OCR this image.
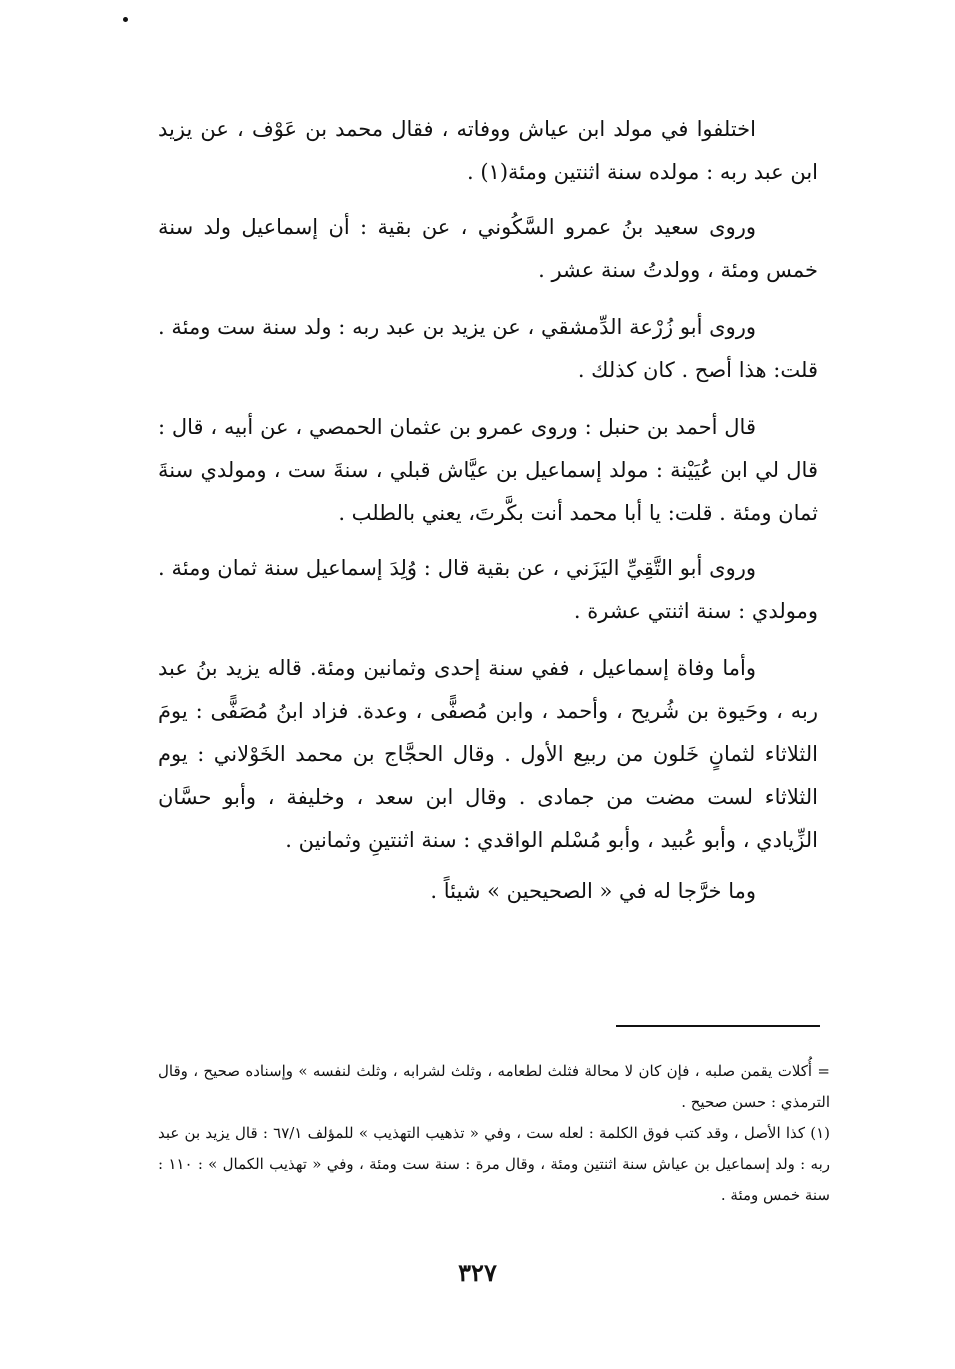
اختلفوا في مولد ابن عياش ووفاته ، فقال محمد بن عَوْف ، عن يزيد ابن عبد ربه : مولده سنة اثنتين ومئة(١) .

وروى سعيد بنُ عمرو السَّكُوني ، عن بقية : أن إسماعيل ولد سنة خمس ومئة ، وولدتُ سنة عشر .

وروى أبو زُرْعة الدِّمشقي ، عن يزيد بن عبد ربه : ولد سنة ست ومئة . قلت: هذا أصح . كان كذلك .

قال أحمد بن حنبل : وروى عمرو بن عثمان الحمصي ، عن أبيه ، قال : قال لي ابن عُيَيْنة : مولد إسماعيل بن عيَّاش قبلي ، سنةَ ست ، ومولدي سنةَ ثمان ومئة . قلت: يا أبا محمد أنت بكَّرتَ، يعني بالطلب .

وروى أبو التَّقِيِّ اليَزَني ، عن بقية قال : وُلِدَ إسماعيل سنة ثمان ومئة . ومولدي : سنة اثنتي عشرة .

وأما وفاة إسماعيل ، ففي سنة إحدى وثمانين ومئة. قاله يزيد بنُ عبد ربه ، وحَيوة بن شُريح ، وأحمد ، وابن مُصفًّى ، وعدة. فزاد ابنُ مُصَفًّى : يومَ الثلاثاء لثمانٍ خَلون من ربيع الأول . وقال الحجَّاج بن محمد الخَوْلاني : يوم الثلاثاء لست مضت من جمادى . وقال ابن سعد ، وخليفة ، وأبو حسَّان الزِّيادي ، وأبو عُبيد ، وأبو مُسْلم الواقدي : سنة اثنتينِ وثمانين .

وما خرَّجا له في « الصحيحين » شيئاً .

= أُكلات يقمن صلبه ، فإن كان لا محالة فثلث لطعامه ، وثلث لشرابه ، وثلث لنفسه » وإسناده صحيح ، وقال الترمذي : حسن صحيح .

(١) كذا الأصل ، وقد كتب فوق الكلمة : لعله ست ، وفي « تذهيب التهذيب » للمؤلف ٦٧/١ : قال يزيد بن عبد ربه : ولد إسماعيل بن عياش سنة اثنتين ومئة ، وقال مرة : سنة ست ومئة ، وفي « تهذيب الكمال » : ١١٠ : سنة خمس ومئة .

٣٢٧
